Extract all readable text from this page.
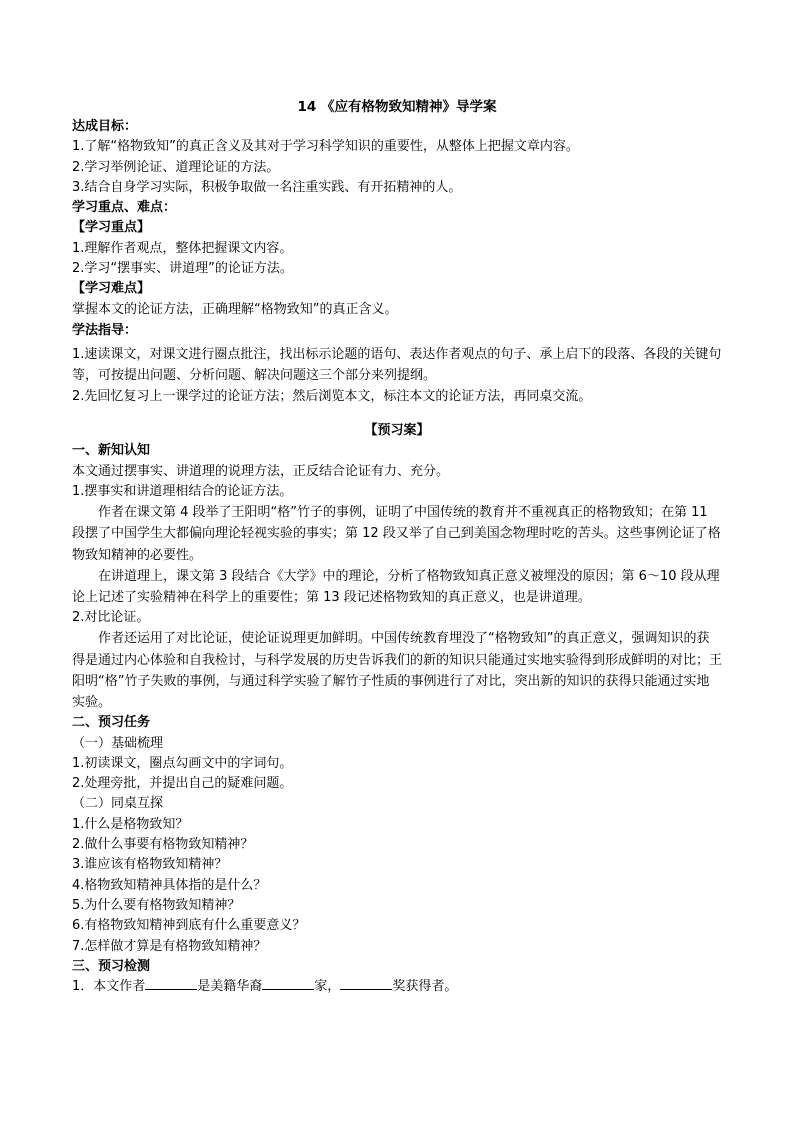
14 《应有格物致知精神》导学案
达成目标：
1.了解“格物致知”的真正含义及其对于学习科学知识的重要性，从整体上把握文章内容。
2.学习举例论证、道理论证的方法。
3.结合自身学习实际，积极争取做一名注重实践、有开拓精神的人。
学习重点、难点：
【学习重点】
1.理解作者观点，整体把握课文内容。
2.学习“摆事实、讲道理”的论证方法。
【学习难点】
掌握本文的论证方法，正确理解“格物致知”的真正含义。
学法指导：
1.速读课文，对课文进行圈点批注，找出标示论题的语句、表达作者观点的句子、承上启下的段落、各段的关键句等，可按提出问题、分析问题、解决问题这三个部分来列提纲。
2.先回忆复习上一课学过的论证方法；然后浏览本文，标注本文的论证方法，再同桌交流。
【预习案】
一、新知认知
本文通过摆事实、讲道理的说理方法，正反结合论证有力、充分。
1.摆事实和讲道理相结合的论证方法。
作者在课文第 4 段举了王阳明“格”竹子的事例，证明了中国传统的教育并不重视真正的格物致知；在第 11 段摆了中国学生大都偏向理论轻视实验的事实；第 12 段又举了自己到美国念物理时吃的苦头。这些事例论证了格物致知精神的必要性。
在讲道理上，课文第 3 段结合《大学》中的理论，分析了格物致知真正意义被埋没的原因；第 6～10 段从理论上记述了实验精神在科学上的重要性；第 13 段记述格物致知的真正意义，也是讲道理。
2.对比论证。
作者还运用了对比论证，使论证说理更加鲜明。中国传统教育埋没了“格物致知”的真正意义，强调知识的获得是通过内心体验和自我检讨，与科学发展的历史告诉我们的新的知识只能通过实地实验得到形成鲜明的对比；王阳明“格”竹子失败的事例，与通过科学实验了解竹子性质的事例进行了对比，突出新的知识的获得只能通过实地实验。
二、预习任务
（一）基础梳理
1.初读课文，圈点勾画文中的字词句。
2.处理旁批，并提出自己的疑难问题。
（二）同桌互探
1.什么是格物致知？
2.做什么事要有格物致知精神？
3.谁应该有格物致知精神？
4.格物致知精神具体指的是什么？
5.为什么要有格物致知精神？
6.有格物致知精神到底有什么重要意义？
7.怎样做才算是有格物致知精神？
三、预习检测
1．本文作者	是美籍华裔	家，	奖获得者。
